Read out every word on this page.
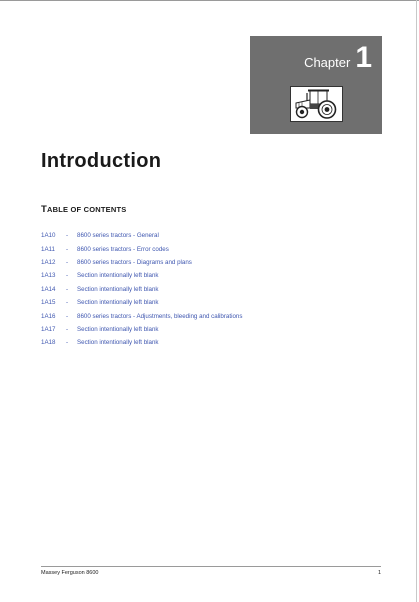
Chapter 1
Introduction
TABLE OF CONTENTS
1A10	-	8600 series tractors - General
1A11	-	8600 series tractors - Error codes
1A12	-	8600 series tractors - Diagrams and plans
1A13	-	Section intentionally left blank
1A14	-	Section intentionally left blank
1A15	-	Section intentionally left blank
1A16	-	8600 series tractors - Adjustments, bleeding and calibrations
1A17	-	Section intentionally left blank
1A18	-	Section intentionally left blank
Massey Ferguson 8600	1
